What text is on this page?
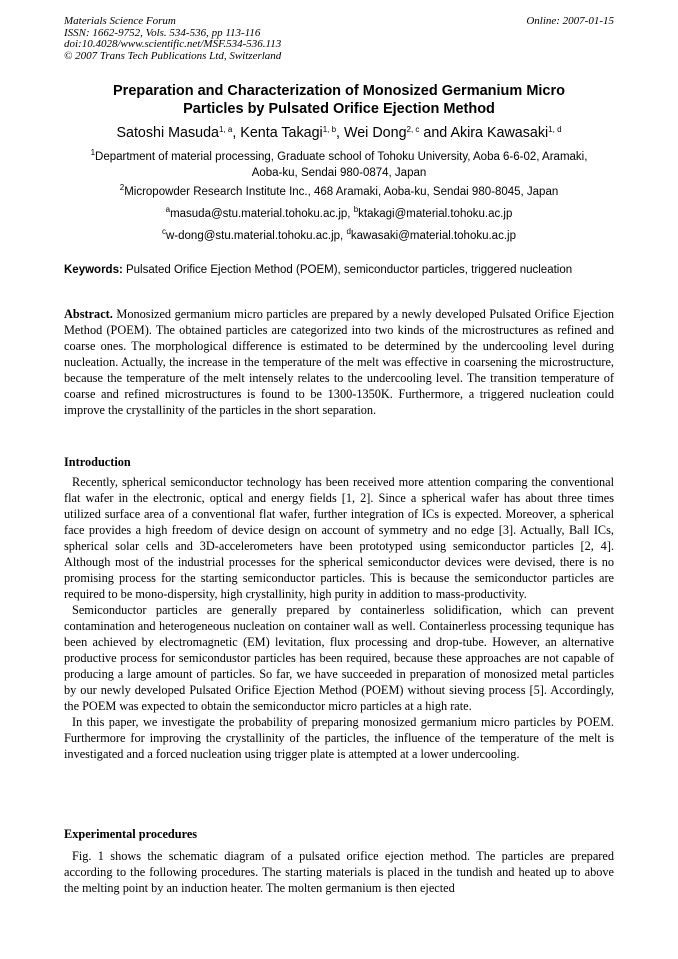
Materials Science Forum
ISSN: 1662-9752, Vols. 534-536, pp 113-116
doi:10.4028/www.scientific.net/MSF.534-536.113
© 2007 Trans Tech Publications Ltd, Switzerland
Online: 2007-01-15
Preparation and Characterization of Monosized Germanium Micro
Particles by Pulsated Orifice Ejection Method
Satoshi Masuda$^{1, a}$, Kenta Takagi$^{1, b}$, Wei Dong$^{2, c}$ and Akira Kawasaki$^{1, d}$
$^1$Department of material processing, Graduate school of Tohoku University, Aoba 6-6-02, Aramaki,
Aoba-ku, Sendai 980-0874, Japan
$^2$Micropowder Research Institute Inc., 468 Aramaki, Aoba-ku, Sendai 980-8045, Japan
$^a$masuda@stu.material.tohoku.ac.jp, $^b$ktakagi@material.tohoku.ac.jp
$^c$w-dong@stu.material.tohoku.ac.jp, $^d$kawasaki@material.tohoku.ac.jp
Keywords: Pulsated Orifice Ejection Method (POEM), semiconductor particles, triggered nucleation
Abstract. Monosized germanium micro particles are prepared by a newly developed Pulsated Orifice Ejection Method (POEM). The obtained particles are categorized into two kinds of the microstructures as refined and coarse ones. The morphological difference is estimated to be determined by the undercooling level during nucleation. Actually, the increase in the temperature of the melt was effective in coarsening the microstructure, because the temperature of the melt intensely relates to the undercooling level. The transition temperature of coarse and refined microstructures is found to be 1300-1350K. Furthermore, a triggered nucleation could improve the crystallinity of the particles in the short separation.
Introduction

Recently, spherical semiconductor technology has been received more attention comparing the conventional flat wafer in the electronic, optical and energy fields [1, 2]. Since a spherical wafer has about three times utilized surface area of a conventional flat wafer, further integration of ICs is expected. Moreover, a spherical face provides a high freedom of device design on account of symmetry and no edge [3]. Actually, Ball ICs, spherical solar cells and 3D-accelerometers have been prototyped using semiconductor particles [2, 4]. Although most of the industrial processes for the spherical semiconductor devices were devised, there is no promising process for the starting semiconductor particles. This is because the semiconductor particles are required to be mono-dispersity, high crystallinity, high purity in addition to mass-productivity.

Semiconductor particles are generally prepared by containerless solidification, which can prevent contamination and heterogeneous nucleation on container wall as well. Containerless processing tequnique has been achieved by electromagnetic (EM) levitation, flux processing and drop-tube. However, an alternative productive process for semicondustor particles has been required, because these approaches are not capable of producing a large amount of particles. So far, we have succeeded in preparation of monosized metal particles by our newly developed Pulsated Orifice Ejection Method (POEM) without sieving process [5]. Accordingly, the POEM was expected to obtain the semiconductor micro particles at a high rate.

In this paper, we investigate the probability of preparing monosized germanium micro particles by POEM. Furthermore for improving the crystallinity of the particles, the influence of the temperature of the melt is investigated and a forced nucleation using trigger plate is attempted at a lower undercooling.

Experimental procedures

Fig. 1 shows the schematic diagram of a pulsated orifice ejection method. The particles are prepared according to the following procedures. The starting materials is placed in the tundish and heated up to above the melting point by an induction heater. The molten germanium is then ejected
